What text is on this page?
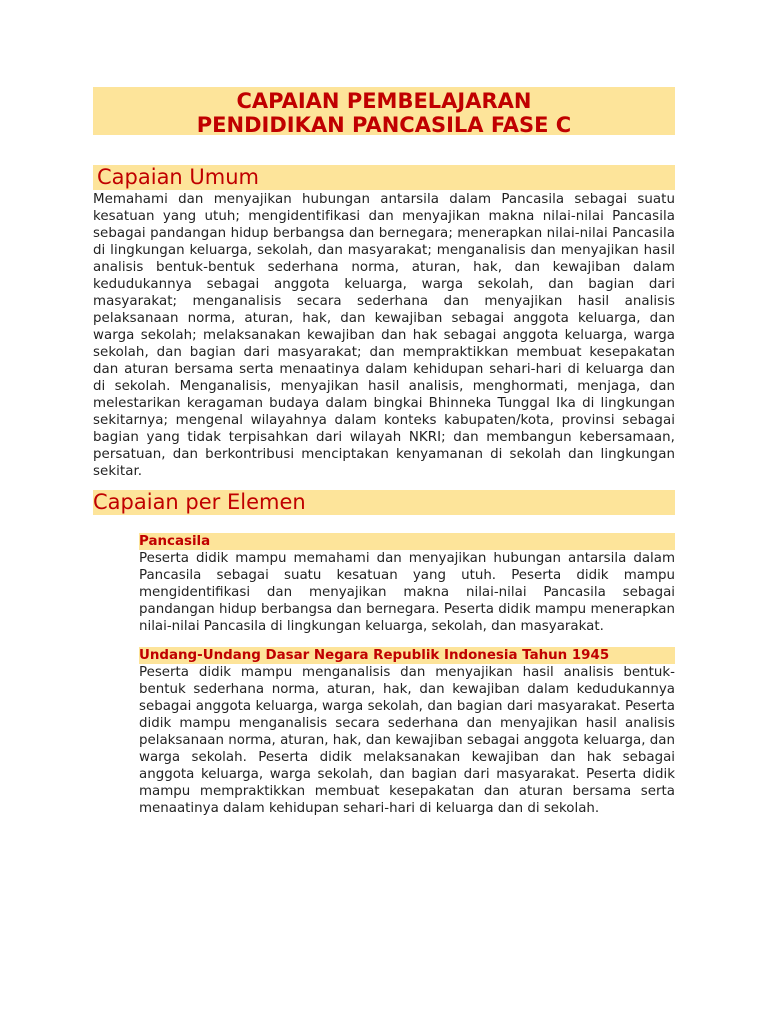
CAPAIAN PEMBELAJARAN
PENDIDIKAN PANCASILA FASE C
Capaian Umum

Memahami dan menyajikan hubungan antarsila dalam Pancasila sebagai suatu kesatuan yang utuh; mengidentifikasi dan menyajikan makna nilai-nilai Pancasila sebagai pandangan hidup berbangsa dan bernegara; menerapkan nilai-nilai Pancasila di lingkungan keluarga, sekolah, dan masyarakat; menganalisis dan menyajikan hasil analisis bentuk-bentuk sederhana norma, aturan, hak, dan kewajiban dalam kedudukannya sebagai anggota keluarga, warga sekolah, dan bagian dari masyarakat; menganalisis secara sederhana dan menyajikan hasil analisis pelaksanaan norma, aturan, hak, dan kewajiban sebagai anggota keluarga, dan warga sekolah; melaksanakan kewajiban dan hak sebagai anggota keluarga, warga sekolah, dan bagian dari masyarakat; dan mempraktikkan membuat kesepakatan dan aturan bersama serta menaatinya dalam kehidupan sehari-hari di keluarga dan di sekolah. Menganalisis, menyajikan hasil analisis, menghormati, menjaga, dan melestarikan keragaman budaya dalam bingkai Bhinneka Tunggal Ika di lingkungan sekitarnya; mengenal wilayahnya dalam konteks kabupaten/kota, provinsi sebagai bagian yang tidak terpisahkan dari wilayah NKRI; dan membangun kebersamaan, persatuan, dan berkontribusi menciptakan kenyamanan di sekolah dan lingkungan sekitar.

Capaian per Elemen
Pancasila

Peserta didik mampu memahami dan menyajikan hubungan antarsila dalam Pancasila sebagai suatu kesatuan yang utuh. Peserta didik mampu mengidentifikasi dan menyajikan makna nilai-nilai Pancasila sebagai pandangan hidup berbangsa dan bernegara. Peserta didik mampu menerapkan nilai-nilai Pancasila di lingkungan keluarga, sekolah, dan masyarakat.

Undang-Undang Dasar Negara Republik Indonesia Tahun 1945

Peserta didik mampu menganalisis dan menyajikan hasil analisis bentuk-bentuk sederhana norma, aturan, hak, dan kewajiban dalam kedudukannya sebagai anggota keluarga, warga sekolah, dan bagian dari masyarakat. Peserta didik mampu menganalisis secara sederhana dan menyajikan hasil analisis pelaksanaan norma, aturan, hak, dan kewajiban sebagai anggota keluarga, dan warga sekolah. Peserta didik melaksanakan kewajiban dan hak sebagai anggota keluarga, warga sekolah, dan bagian dari masyarakat. Peserta didik mampu mempraktikkan membuat kesepakatan dan aturan bersama serta menaatinya dalam kehidupan sehari-hari di keluarga dan di sekolah.
